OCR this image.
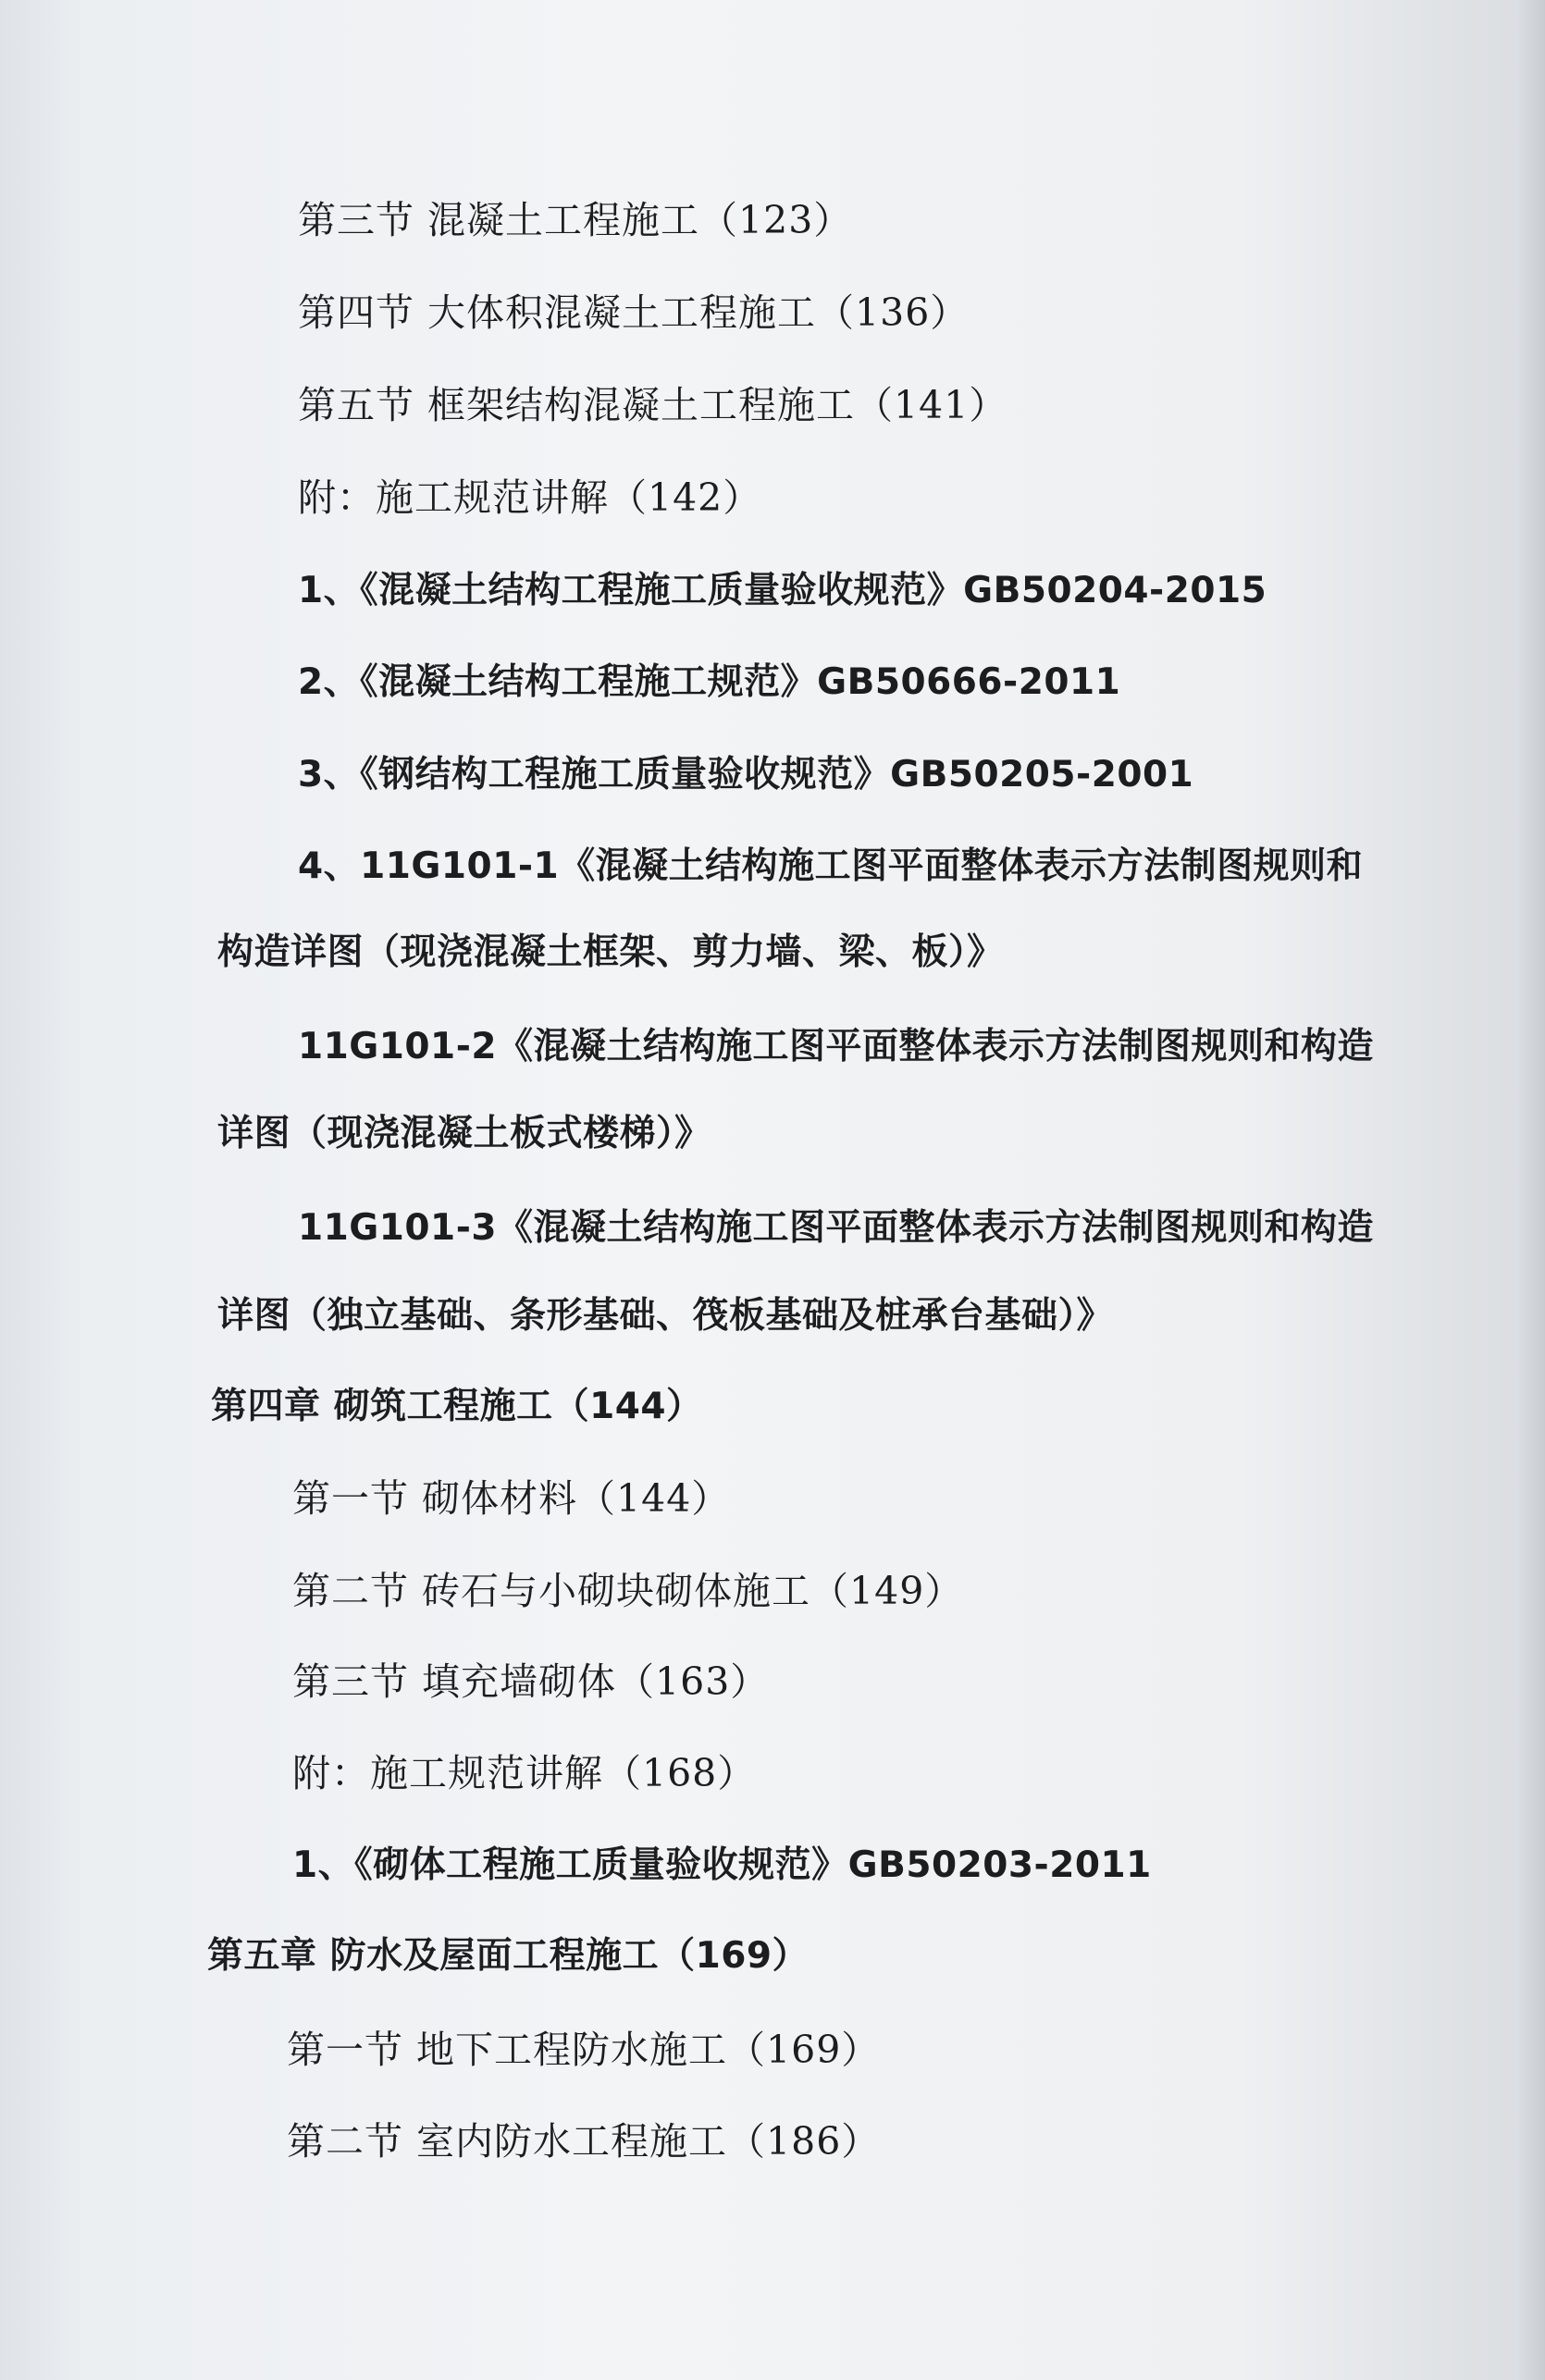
第三节 混凝土工程施工（123）
第四节 大体积混凝土工程施工（136）
第五节 框架结构混凝土工程施工（141）
附：施工规范讲解（142）
1、《混凝土结构工程施工质量验收规范》GB50204-2015
2、《混凝土结构工程施工规范》GB50666-2011
3、《钢结构工程施工质量验收规范》GB50205-2001
4、11G101-1《混凝土结构施工图平面整体表示方法制图规则和
构造详图（现浇混凝土框架、剪力墙、梁、板）》
11G101-2《混凝土结构施工图平面整体表示方法制图规则和构造
详图（现浇混凝土板式楼梯）》
11G101-3《混凝土结构施工图平面整体表示方法制图规则和构造
详图（独立基础、条形基础、筏板基础及桩承台基础）》
第四章 砌筑工程施工（144）
第一节 砌体材料（144）
第二节 砖石与小砌块砌体施工（149）
第三节 填充墙砌体（163）
附：施工规范讲解（168）
1、《砌体工程施工质量验收规范》GB50203-2011
第五章 防水及屋面工程施工（169）
第一节 地下工程防水施工（169）
第二节 室内防水工程施工（186）
